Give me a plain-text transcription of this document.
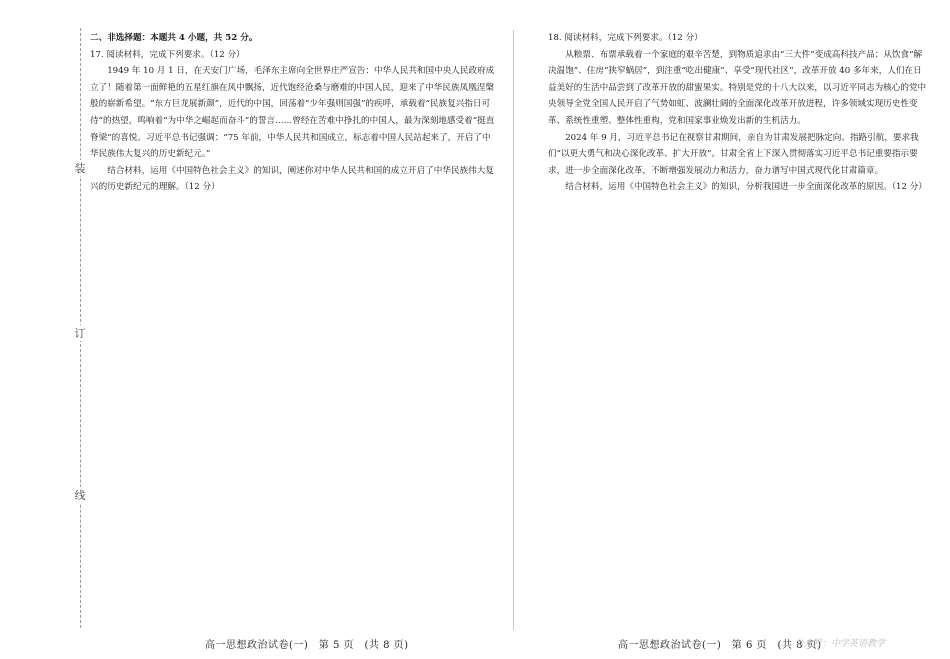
装
订
线

二、非选择题：本题共 4 小题，共 52 分。

17. 阅读材料，完成下列要求。（12 分）

1949 年 10 月 1 日，在天安门广场，毛泽东主席向全世界庄严宣告：中华人民共和国中央人民政府成立了！随着第一面鲜艳的五星红旗在风中飘扬，近代饱经沧桑与磨难的中国人民，迎来了中华民族凤凰涅槃般的崭新希望。“东方巨龙展新颜”，近代的中国，回荡着“少年强则国强”的疾呼，承载着“民族复兴指日可待”的热望，鸣响着“为中华之崛起而奋斗”的誓言……曾经在苦难中挣扎的中国人，最为深刻地感受着“挺直脊梁”的喜悦。习近平总书记强调：“75 年前，中华人民共和国成立，标志着中国人民站起来了，开启了中华民族伟大复兴的历史新纪元。”

结合材料，运用《中国特色社会主义》的知识，阐述你对中华人民共和国的成立开启了中华民族伟大复兴的历史新纪元的理解。（12 分）

18. 阅读材料，完成下列要求。（12 分）

从粮票、布票承载着一个家庭的艰辛苦楚，到物质追求由“三大件”变成高科技产品；从饮食“解决温饱”、住房“狭窄蜗居”，到注重“吃出健康”、享受“现代社区”，改革开放 40 多年来，人们在日益美好的生活中品尝到了改革开放的甜蜜果实。特别是党的十八大以来，以习近平同志为核心的党中央领导全党全国人民开启了气势如虹、波澜壮阔的全面深化改革开放进程，许多领域实现历史性变革、系统性重塑、整体性重构，党和国家事业焕发出新的生机活力。

2024 年 9 月，习近平总书记在视察甘肃期间，亲自为甘肃发展把脉定向、指路引航，要求我们“以更大勇气和决心深化改革、扩大开放”。甘肃全省上下深入贯彻落实习近平总书记重要指示要求，进一步全面深化改革，不断增强发展动力和活力，奋力谱写中国式现代化甘肃篇章。

结合材料，运用《中国特色社会主义》的知识，分析我国进一步全面深化改革的原因。（12 分）

高一思想政治试卷(一)　第 5 页　(共 8 页)	高一思想政治试卷(一)　第 6 页　(共 8 页)
公众号：中学英语教学
